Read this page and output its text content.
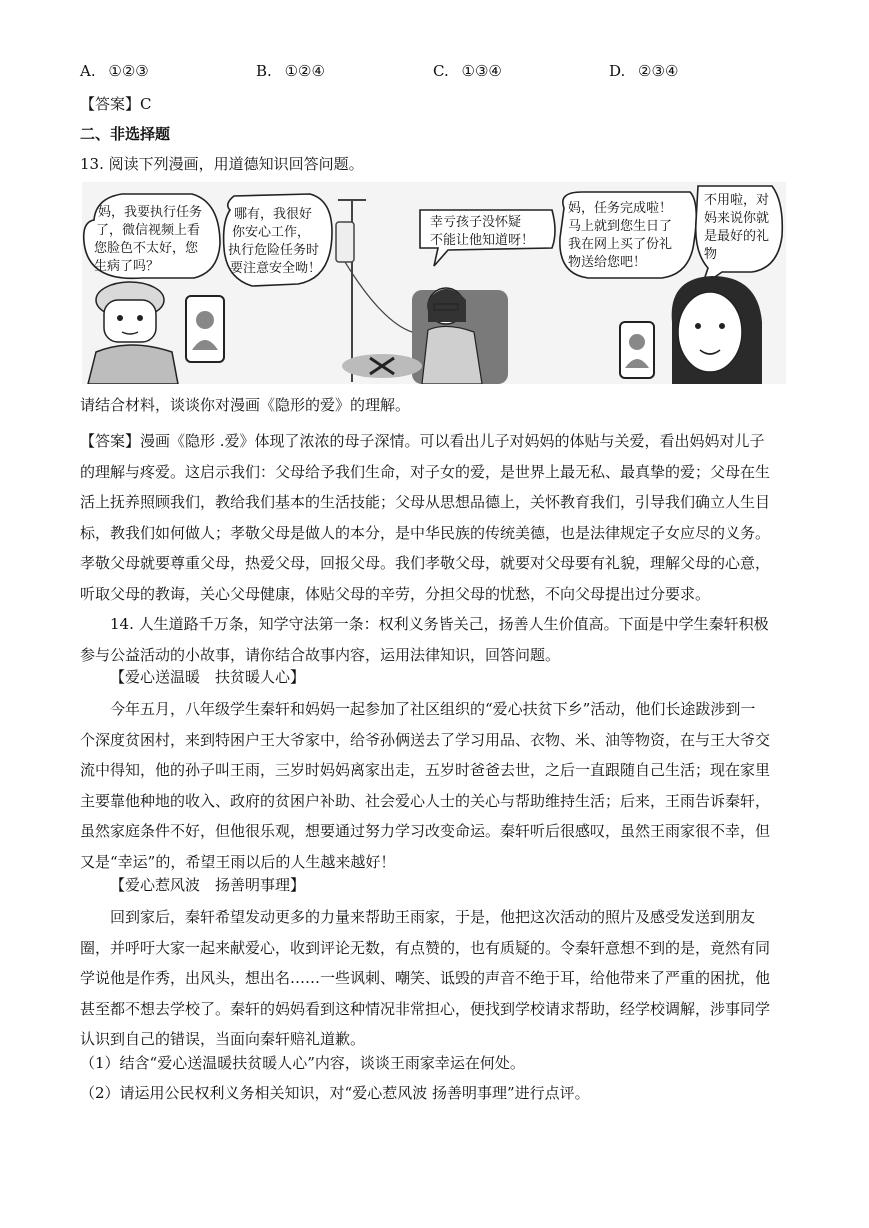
A. ①②③	B. ①②④	C. ①③④	D. ②③④
【答案】C
二、非选择题
13. 阅读下列漫画，用道德知识回答问题。
妈，我要执行任务
了，微信视频上看
您脸色不太好，您
生病了吗？
哪有，我很好
你安心工作，
执行危险任务时
要注意安全呦！
幸亏孩子没怀疑
不能让他知道呀！
妈，任务完成啦！
马上就到您生日了
我在网上买了份礼
物送给您吧！
不用啦，对
妈来说你就
是最好的礼
物
请结合材料，谈谈你对漫画《隐形的爱》的理解。
【答案】漫画《隐形 .爱》体现了浓浓的母子深情。可以看出儿子对妈妈的体贴与关爱，看出妈妈对儿子
的理解与疼爱。这启示我们：父母给予我们生命，对子女的爱，是世界上最无私、最真挚的爱；父母在生
活上抚养照顾我们，教给我们基本的生活技能；父母从思想品德上，关怀教育我们，引导我们确立人生目
标，教我们如何做人；孝敬父母是做人的本分，是中华民族的传统美德，也是法律规定子女应尽的义务。
孝敬父母就要尊重父母，热爱父母，回报父母。我们孝敬父母，就要对父母要有礼貌，理解父母的心意，
听取父母的教诲，关心父母健康，体贴父母的辛劳，分担父母的忧愁，不向父母提出过分要求。
14. 人生道路千万条，知学守法第一条：权利义务皆关己，扬善人生价值高。下面是中学生秦轩积极
参与公益活动的小故事，请你结合故事内容，运用法律知识，回答问题。
【爱心送温暖　扶贫暖人心】
今年五月，八年级学生秦轩和妈妈一起参加了社区组织的“爱心扶贫下乡”活动，他们长途跋涉到一
个深度贫困村，来到特困户王大爷家中，给爷孙俩送去了学习用品、衣物、米、油等物资，在与王大爷交
流中得知，他的孙子叫王雨，三岁时妈妈离家出走，五岁时爸爸去世，之后一直跟随自己生活；现在家里
主要靠他种地的收入、政府的贫困户补助、社会爱心人士的关心与帮助维持生活；后来，王雨告诉秦轩，
虽然家庭条件不好，但他很乐观，想要通过努力学习改变命运。秦轩听后很感叹，虽然王雨家很不幸，但
又是“幸运”的，希望王雨以后的人生越来越好！
【爱心惹风波　扬善明事理】
回到家后，秦轩希望发动更多的力量来帮助王雨家，于是，他把这次活动的照片及感受发送到朋友
圈，并呼吁大家一起来献爱心，收到评论无数，有点赞的，也有质疑的。令秦轩意想不到的是，竟然有同
学说他是作秀，出风头，想出名……一些讽刺、嘲笑、诋毁的声音不绝于耳，给他带来了严重的困扰，他
甚至都不想去学校了。秦轩的妈妈看到这种情况非常担心，便找到学校请求帮助，经学校调解，涉事同学
认识到自己的错误，当面向秦轩赔礼道歉。
（1）结含“爱心送温暖扶贫暖人心”内容，谈谈王雨家幸运在何处。
（2）请运用公民权利义务相关知识，对“爱心惹风波 扬善明事理”进行点评。
